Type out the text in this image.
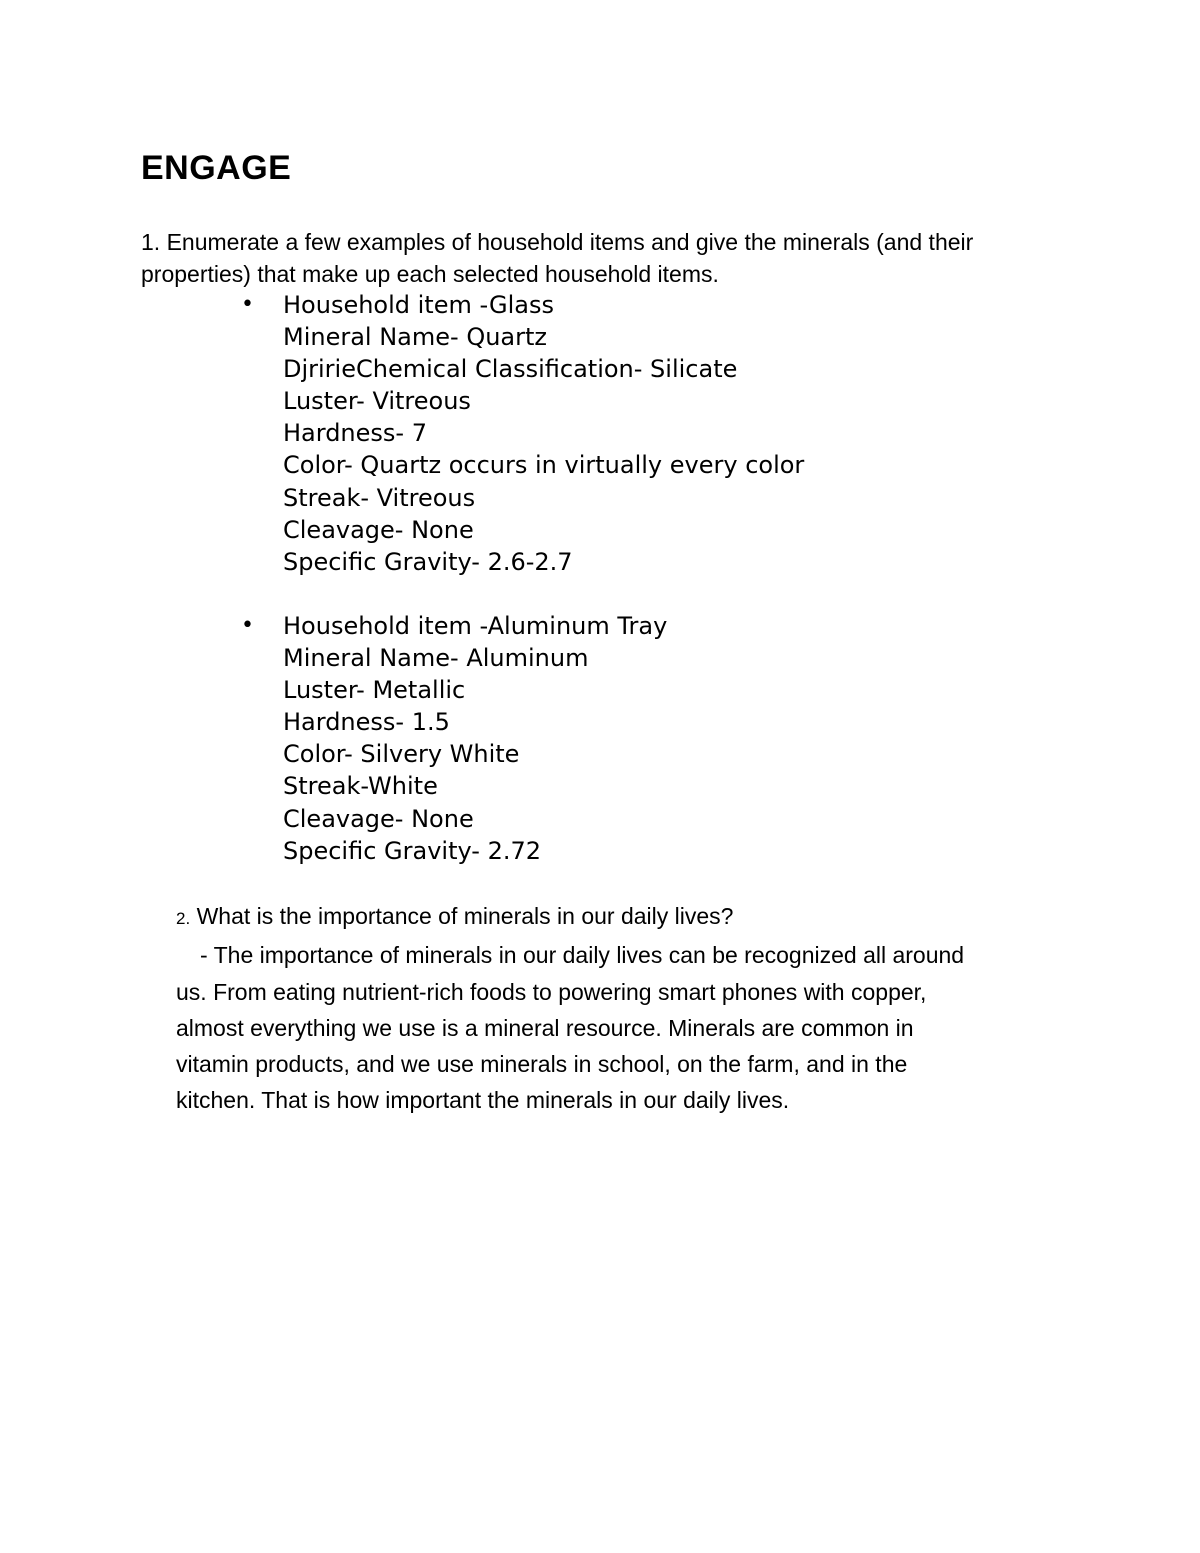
ENGAGE
1. Enumerate a few examples of household items and give the minerals (and their
properties) that make up each selected household items.
• Household item -Glass
Mineral Name- Quartz
DjririeChemical Classification- Silicate
Luster- Vitreous
Hardness- 7
Color- Quartz occurs in virtually every color
Streak- Vitreous
Cleavage- None
Specific Gravity- 2.6-2.7
• Household item -Aluminum Tray
Mineral Name- Aluminum
Luster- Metallic
Hardness- 1.5
Color- Silvery White
Streak-White
Cleavage- None
Specific Gravity- 2.72
2. What is the importance of minerals in our daily lives?
- The importance of minerals in our daily lives can be recognized all around
us. From eating nutrient-rich foods to powering smart phones with copper,
almost everything we use is a mineral resource. Minerals are common in
vitamin products, and we use minerals in school, on the farm, and in the
kitchen. That is how important the minerals in our daily lives.
